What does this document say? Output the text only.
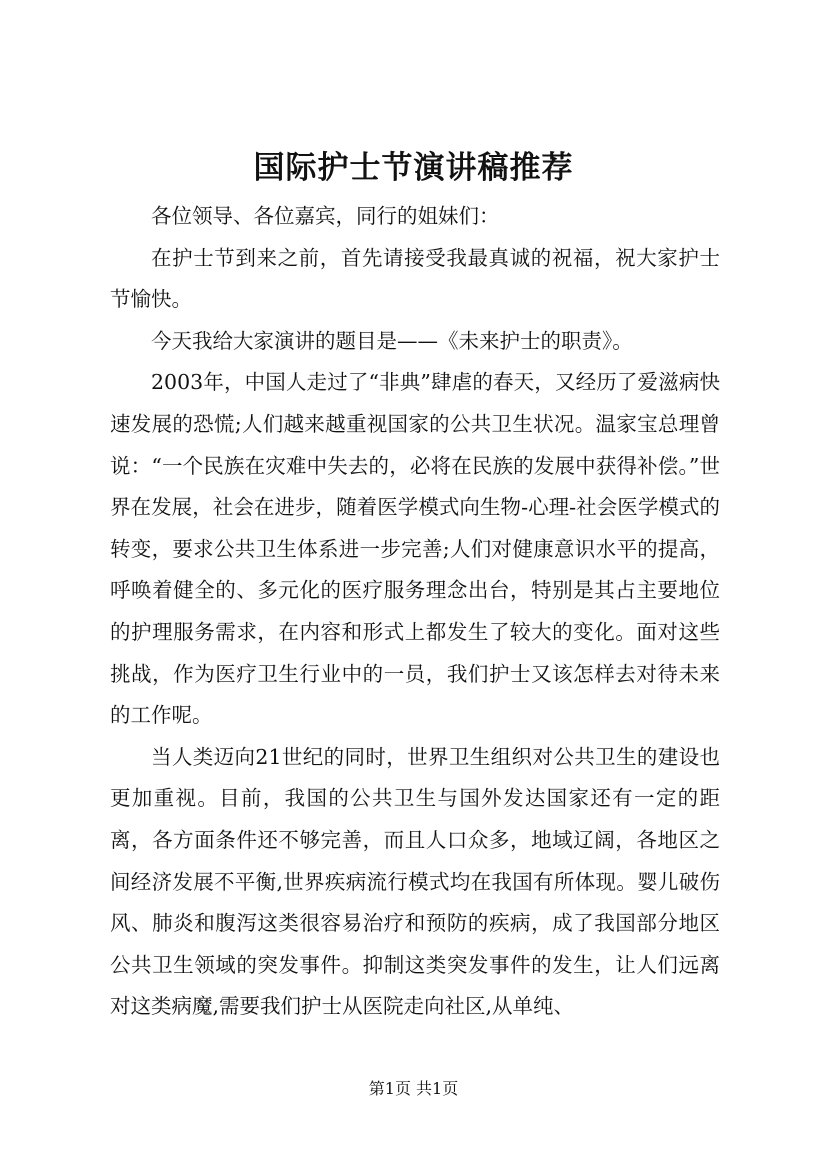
国际护士节演讲稿推荐

各位领导、各位嘉宾，同行的姐妹们：

在护士节到来之前，首先请接受我最真诚的祝福，祝大家护士节愉快。

今天我给大家演讲的题目是——《未来护士的职责》。

2003年，中国人走过了“非典”肆虐的春天，又经历了爱滋病快速发展的恐慌;人们越来越重视国家的公共卫生状况。温家宝总理曾说：“一个民族在灾难中失去的，必将在民族的发展中获得补偿。”世界在发展，社会在进步，随着医学模式向生物-心理-社会医学模式的转变，要求公共卫生体系进一步完善;人们对健康意识水平的提高，呼唤着健全的、多元化的医疗服务理念出台，特别是其占主要地位的护理服务需求，在内容和形式上都发生了较大的变化。面对这些挑战，作为医疗卫生行业中的一员，我们护士又该怎样去对待未来的工作呢。

当人类迈向21世纪的同时，世界卫生组织对公共卫生的建设也更加重视。目前，我国的公共卫生与国外发达国家还有一定的距离，各方面条件还不够完善，而且人口众多，地域辽阔，各地区之间经济发展不平衡,世界疾病流行模式均在我国有所体现。婴儿破伤风、肺炎和腹泻这类很容易治疗和预防的疾病，成了我国部分地区公共卫生领域的突发事件。抑制这类突发事件的发生，让人们远离对这类病魔,需要我们护士从医院走向社区,从单纯、

第1页 共1页
